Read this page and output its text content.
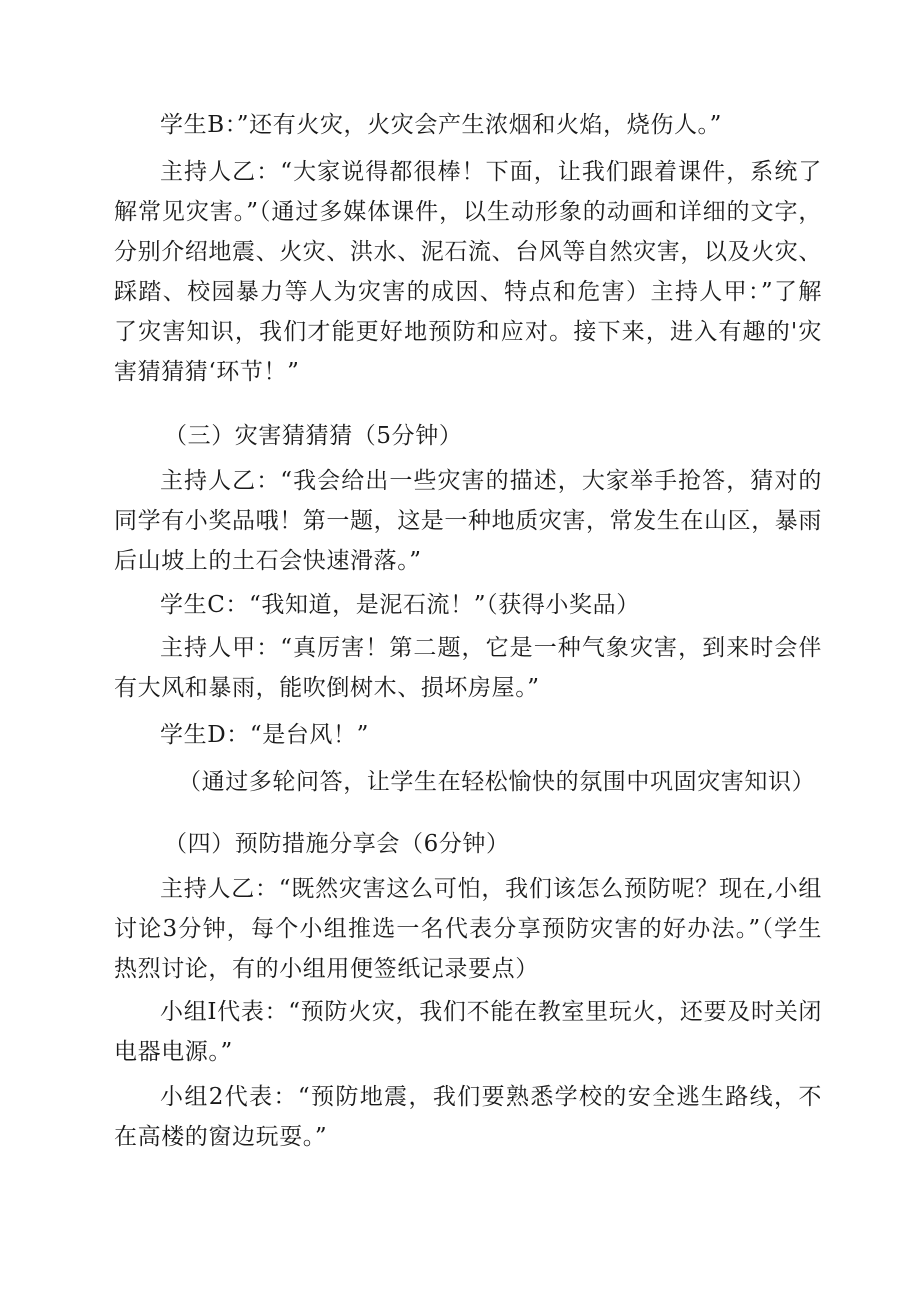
学生B：”还有火灾，火灾会产生浓烟和火焰，烧伤人。”

主持人乙：“大家说得都很棒！下面，让我们跟着课件，系统了解常见灾害。”（通过多媒体课件，以生动形象的动画和详细的文字，分别介绍地震、火灾、洪水、泥石流、台风等自然灾害，以及火灾、踩踏、校园暴力等人为灾害的成因、特点和危害）主持人甲：”了解了灾害知识，我们才能更好地预防和应对。接下来，进入有趣的'灾害猜猜猜‘环节！”

（三）灾害猜猜猜（5分钟）

主持人乙：“我会给出一些灾害的描述，大家举手抢答，猜对的同学有小奖品哦！第一题，这是一种地质灾害，常发生在山区，暴雨后山坡上的土石会快速滑落。”

学生C：“我知道，是泥石流！”（获得小奖品）

主持人甲：“真厉害！第二题，它是一种气象灾害，到来时会伴有大风和暴雨，能吹倒树木、损坏房屋。”

学生D：“是台风！”

（通过多轮问答，让学生在轻松愉快的氛围中巩固灾害知识）

（四）预防措施分享会（6分钟）

主持人乙：“既然灾害这么可怕，我们该怎么预防呢？现在,小组讨论3分钟，每个小组推选一名代表分享预防灾害的好办法。”（学生热烈讨论，有的小组用便签纸记录要点）

小组I代表：“预防火灾，我们不能在教室里玩火，还要及时关闭电器电源。”

小组2代表：“预防地震，我们要熟悉学校的安全逃生路线，不在高楼的窗边玩耍。”
